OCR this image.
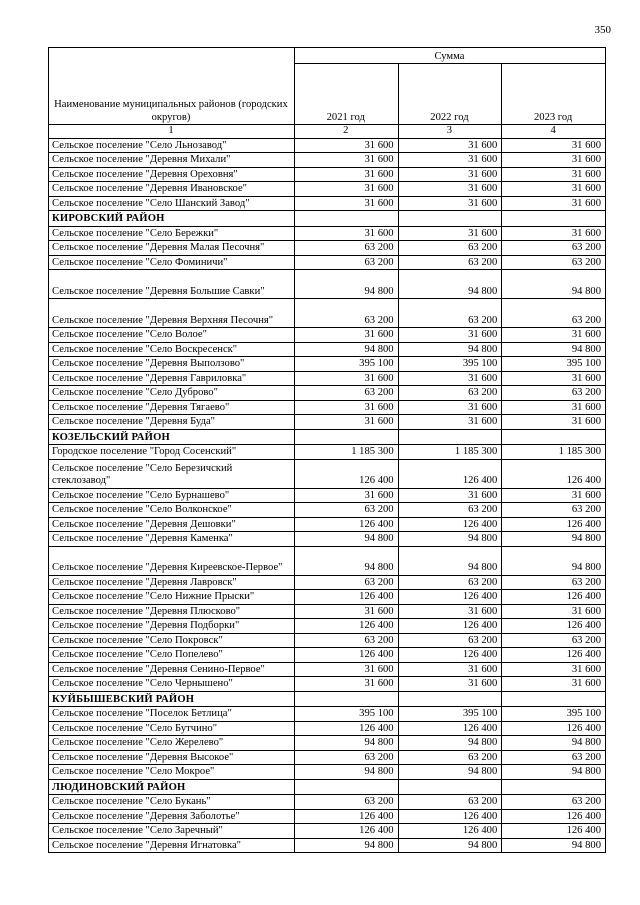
350
Наименование муниципальных районов (городских округов)	Сумма		
	2021 год	2022 год	2023 год
1	2	3	4
Сельское поселение "Село Льнозавод"	31 600	31 600	31 600
Сельское поселение "Деревня Михали"	31 600	31 600	31 600
Сельское поселение "Деревня Ореховня"	31 600	31 600	31 600
Сельское поселение "Деревня Ивановское"	31 600	31 600	31 600
Сельское поселение "Село Шанский Завод"	31 600	31 600	31 600
КИРОВСКИЙ РАЙОН			
Сельское поселение "Село Бережки"	31 600	31 600	31 600
Сельское поселение "Деревня Малая Песочня"	63 200	63 200	63 200
Сельское поселение "Село Фоминичи"	63 200	63 200	63 200
Сельское поселение "Деревня Большие Савки"	94 800	94 800	94 800
Сельское поселение "Деревня Верхняя Песочня"	63 200	63 200	63 200
Сельское поселение "Село Волое"	31 600	31 600	31 600
Сельское поселение "Село Воскресенск"	94 800	94 800	94 800
Сельское поселение "Деревня Выползово"	395 100	395 100	395 100
Сельское поселение "Деревня Гавриловка"	31 600	31 600	31 600
Сельское поселение "Село Дуброво"	63 200	63 200	63 200
Сельское поселение "Деревня Тягаево"	31 600	31 600	31 600
Сельское поселение "Деревня Буда"	31 600	31 600	31 600
КОЗЕЛЬСКИЙ РАЙОН			
Городское поселение "Город Сосенский"	1 185 300	1 185 300	1 185 300
Сельское поселение "Село Березичский стеклозавод"	126 400	126 400	126 400
Сельское поселение "Село Бурнашево"	31 600	31 600	31 600
Сельское поселение "Село Волконское"	63 200	63 200	63 200
Сельское поселение "Деревня Дешовки"	126 400	126 400	126 400
Сельское поселение "Деревня Каменка"	94 800	94 800	94 800
Сельское поселение "Деревня Киреевское-Первое"	94 800	94 800	94 800
Сельское поселение "Деревня Лавровск"	63 200	63 200	63 200
Сельское поселение "Село Нижние Прыски"	126 400	126 400	126 400
Сельское поселение "Деревня Плюсково"	31 600	31 600	31 600
Сельское поселение "Деревня Подборки"	126 400	126 400	126 400
Сельское поселение "Село Покровск"	63 200	63 200	63 200
Сельское поселение "Село Попелево"	126 400	126 400	126 400
Сельское поселение "Деревня Сенино-Первое"	31 600	31 600	31 600
Сельское поселение "Село Чернышено"	31 600	31 600	31 600
КУЙБЫШЕВСКИЙ РАЙОН			
Сельское поселение "Поселок Бетлица"	395 100	395 100	395 100
Сельское поселение "Село Бутчино"	126 400	126 400	126 400
Сельское поселение "Село Жерелево"	94 800	94 800	94 800
Сельское поселение "Деревня Высокое"	63 200	63 200	63 200
Сельское поселение "Село Мокрое"	94 800	94 800	94 800
ЛЮДИНОВСКИЙ РАЙОН			
Сельское поселение "Село Букань"	63 200	63 200	63 200
Сельское поселение "Деревня Заболотье"	126 400	126 400	126 400
Сельское поселение "Село Заречный"	126 400	126 400	126 400
Сельское поселение "Деревня Игнатовка"	94 800	94 800	94 800
